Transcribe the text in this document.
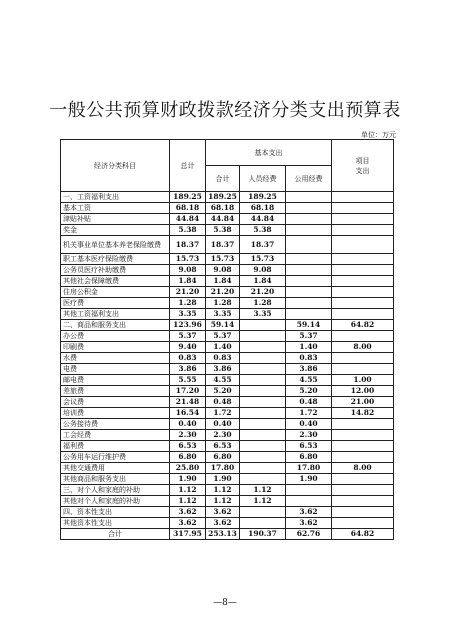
一般公共预算财政拨款经济分类支出预算表
单位：万元
经济分类科目	总计	基本支出			项目支出
		合计	人员经费	公用经费	
一、工资福利支出	189.25	189.25	189.25		
基本工资	68.18	68.18	68.18		
津贴补贴	44.84	44.84	44.84		
奖金	5.38	5.38	5.38		
机关事业单位基本养老保险缴费	18.37	18.37	18.37		
职工基本医疗保险缴费	15.73	15.73	15.73		
公务员医疗补助缴费	9.08	9.08	9.08		
其他社会保障缴费	1.84	1.84	1.84		
住房公积金	21.20	21.20	21.20		
医疗费	1.28	1.28	1.28		
其他工资福利支出	3.35	3.35	3.35		
二、商品和服务支出	123.96	59.14		59.14	64.82
办公费	5.37	5.37		5.37	
印刷费	9.40	1.40		1.40	8.00
水费	0.83	0.83		0.83	
电费	3.86	3.86		3.86	
邮电费	5.55	4.55		4.55	1.00
差旅费	17.20	5.20		5.20	12.00
会议费	21.48	0.48		0.48	21.00
培训费	16.54	1.72		1.72	14.82
公务接待费	0.40	0.40		0.40	
工会经费	2.30	2.30		2.30	
福利费	6.53	6.53		6.53	
公务用车运行维护费	6.80	6.80		6.80	
其他交通费用	25.80	17.80		17.80	8.00
其他商品和服务支出	1.90	1.90		1.90	
三、对个人和家庭的补助	1.12	1.12	1.12		
其他对个人和家庭的补助	1.12	1.12	1.12		
四、资本性支出	3.62	3.62		3.62	
其他资本性支出	3.62	3.62		3.62	
合计	317.95	253.13	190.37	62.76	64.82
—8—
